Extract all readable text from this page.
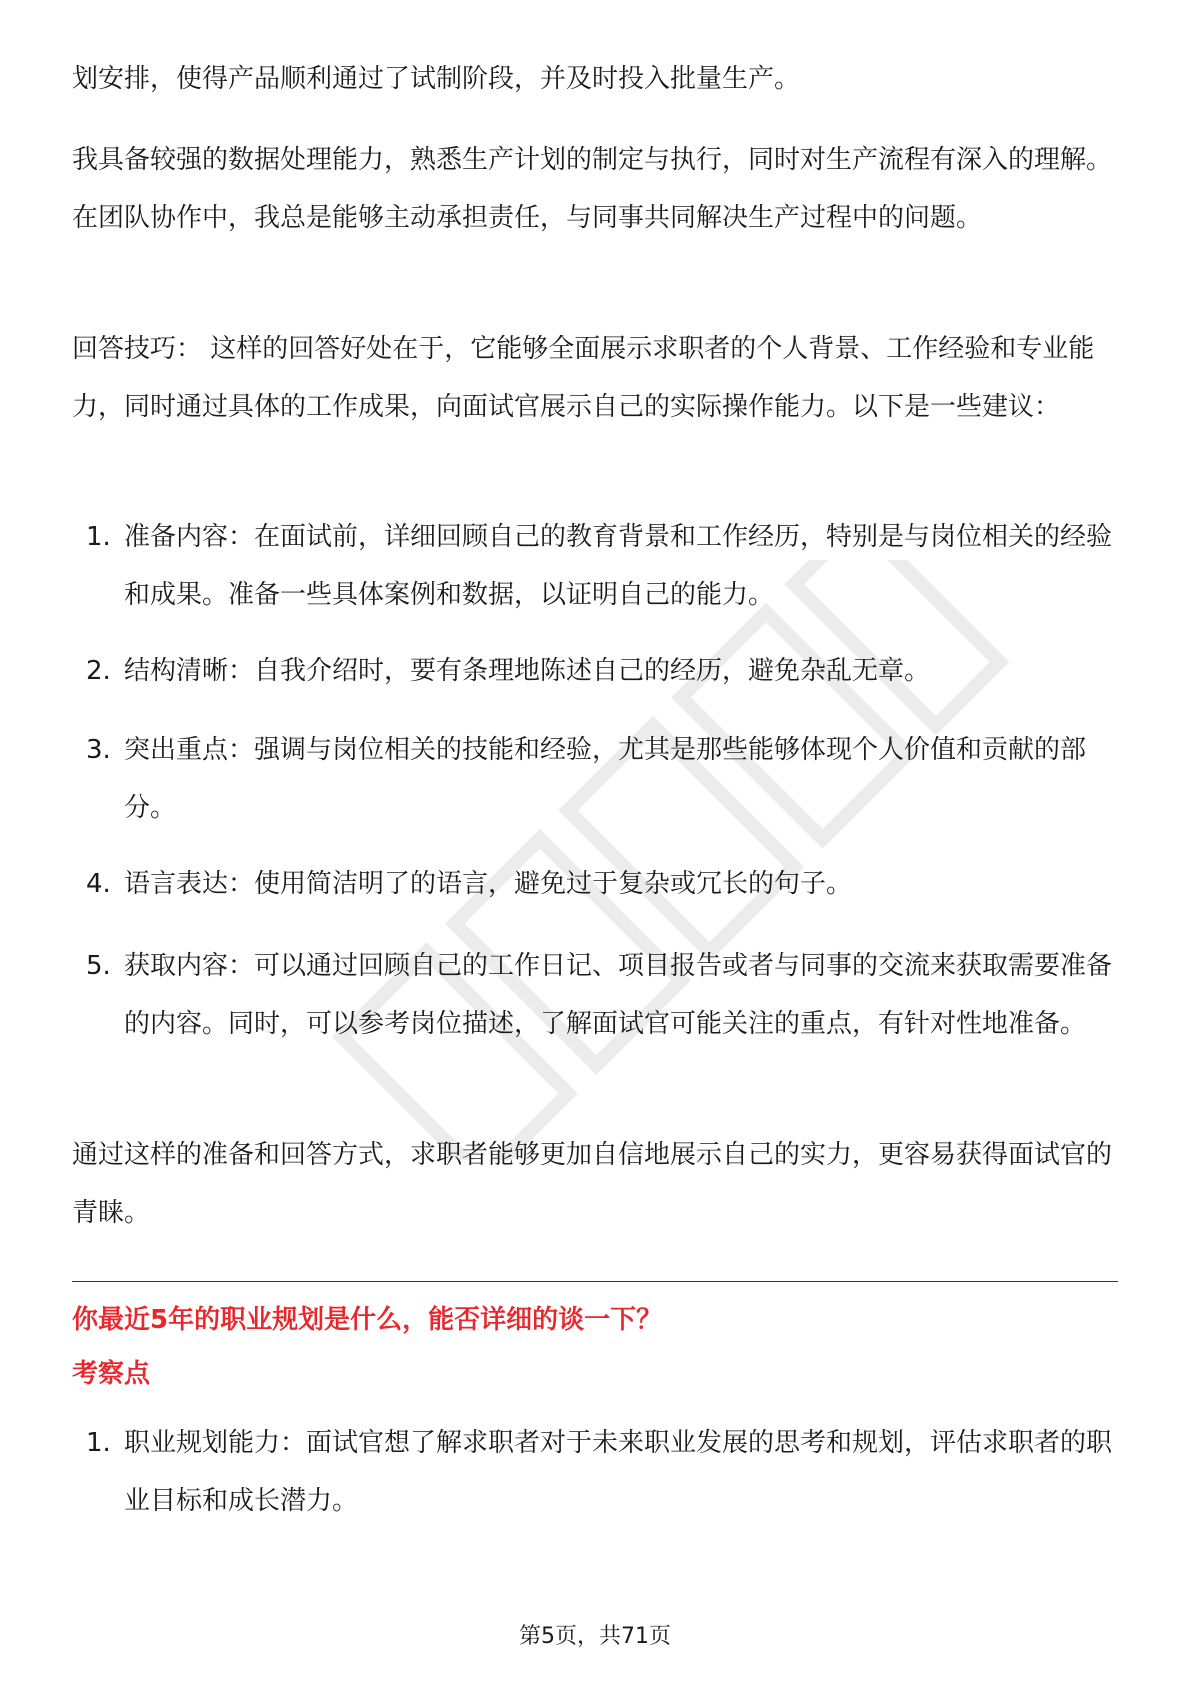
划安排，使得产品顺利通过了试制阶段，并及时投入批量生产。

我具备较强的数据处理能力，熟悉生产计划的制定与执行，同时对生产流程有深入的理解。在团队协作中，我总是能够主动承担责任，与同事共同解决生产过程中的问题。

回答技巧： 这样的回答好处在于，它能够全面展示求职者的个人背景、工作经验和专业能力，同时通过具体的工作成果，向面试官展示自己的实际操作能力。以下是一些建议：

1. 准备内容：在面试前，详细回顾自己的教育背景和工作经历，特别是与岗位相关的经验和成果。准备一些具体案例和数据，以证明自己的能力。
2. 结构清晰：自我介绍时，要有条理地陈述自己的经历，避免杂乱无章。
3. 突出重点：强调与岗位相关的技能和经验，尤其是那些能够体现个人价值和贡献的部分。
4. 语言表达：使用简洁明了的语言，避免过于复杂或冗长的句子。
5. 获取内容：可以通过回顾自己的工作日记、项目报告或者与同事的交流来获取需要准备的内容。同时，可以参考岗位描述，了解面试官可能关注的重点，有针对性地准备。

通过这样的准备和回答方式，求职者能够更加自信地展示自己的实力，更容易获得面试官的青睐。

你最近5年的职业规划是什么，能否详细的谈一下？
考察点
1. 职业规划能力：面试官想了解求职者对于未来职业发展的思考和规划，评估求职者的职业目标和成长潜力。
第5页，共71页
